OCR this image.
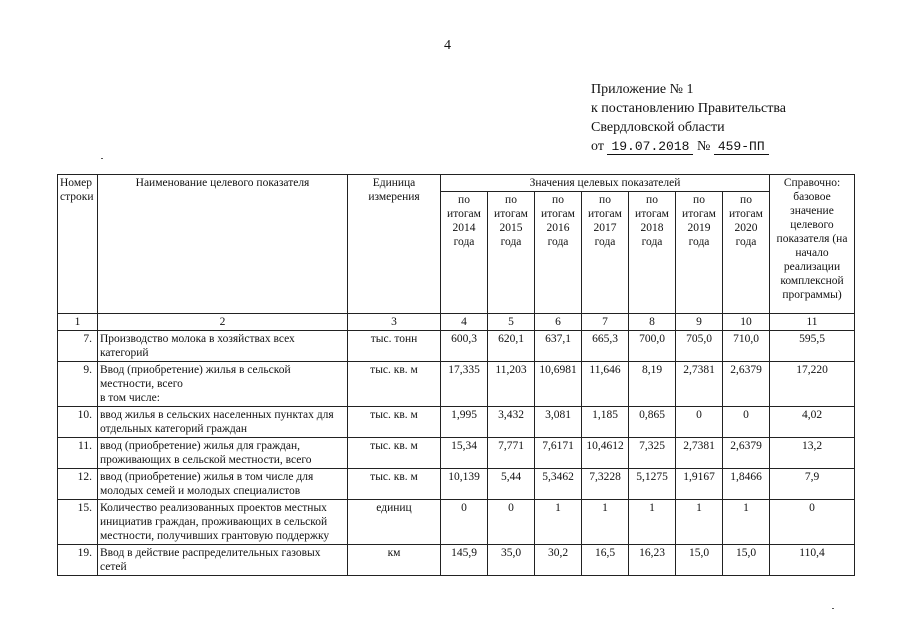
4
Приложение № 1
к постановлению Правительства
Свердловской области
от 19.07.2018 № 459-ПП
Номер строки	Наименование целевого показателя	Единица измерения	Значения целевых показателей							Справочно: базовое значение целевого показателя (на начало реализации комплексной программы)
			по итогам 2014 года	по итогам 2015 года	по итогам 2016 года	по итогам 2017 года	по итогам 2018 года	по итогам 2019 года	по итогам 2020 года	
1	2	3	4	5	6	7	8	9	10	11
7.	Производство молока в хозяйствах всех категорий	тыс. тонн	600,3	620,1	637,1	665,3	700,0	705,0	710,0	595,5
9.	Ввод (приобретение) жилья в сельской местности, всего
в том числе:	тыс. кв. м	17,335	11,203	10,6981	11,646	8,19	2,7381	2,6379	17,220
10.	ввод жилья в сельских населенных пунктах для отдельных категорий граждан	тыс. кв. м	1,995	3,432	3,081	1,185	0,865	0	0	4,02
11.	ввод (приобретение) жилья для граждан, проживающих в сельской местности, всего	тыс. кв. м	15,34	7,771	7,6171	10,4612	7,325	2,7381	2,6379	13,2
12.	ввод (приобретение) жилья в том числе для молодых семей и молодых специалистов	тыс. кв. м	10,139	5,44	5,3462	7,3228	5,1275	1,9167	1,8466	7,9
15.	Количество реализованных проектов местных инициатив граждан, проживающих в сельской местности, получивших грантовую поддержку	единиц	0	0	1	1	1	1	1	0
19.	Ввод в действие распределительных газовых сетей	км	145,9	35,0	30,2	16,5	16,23	15,0	15,0	110,4
